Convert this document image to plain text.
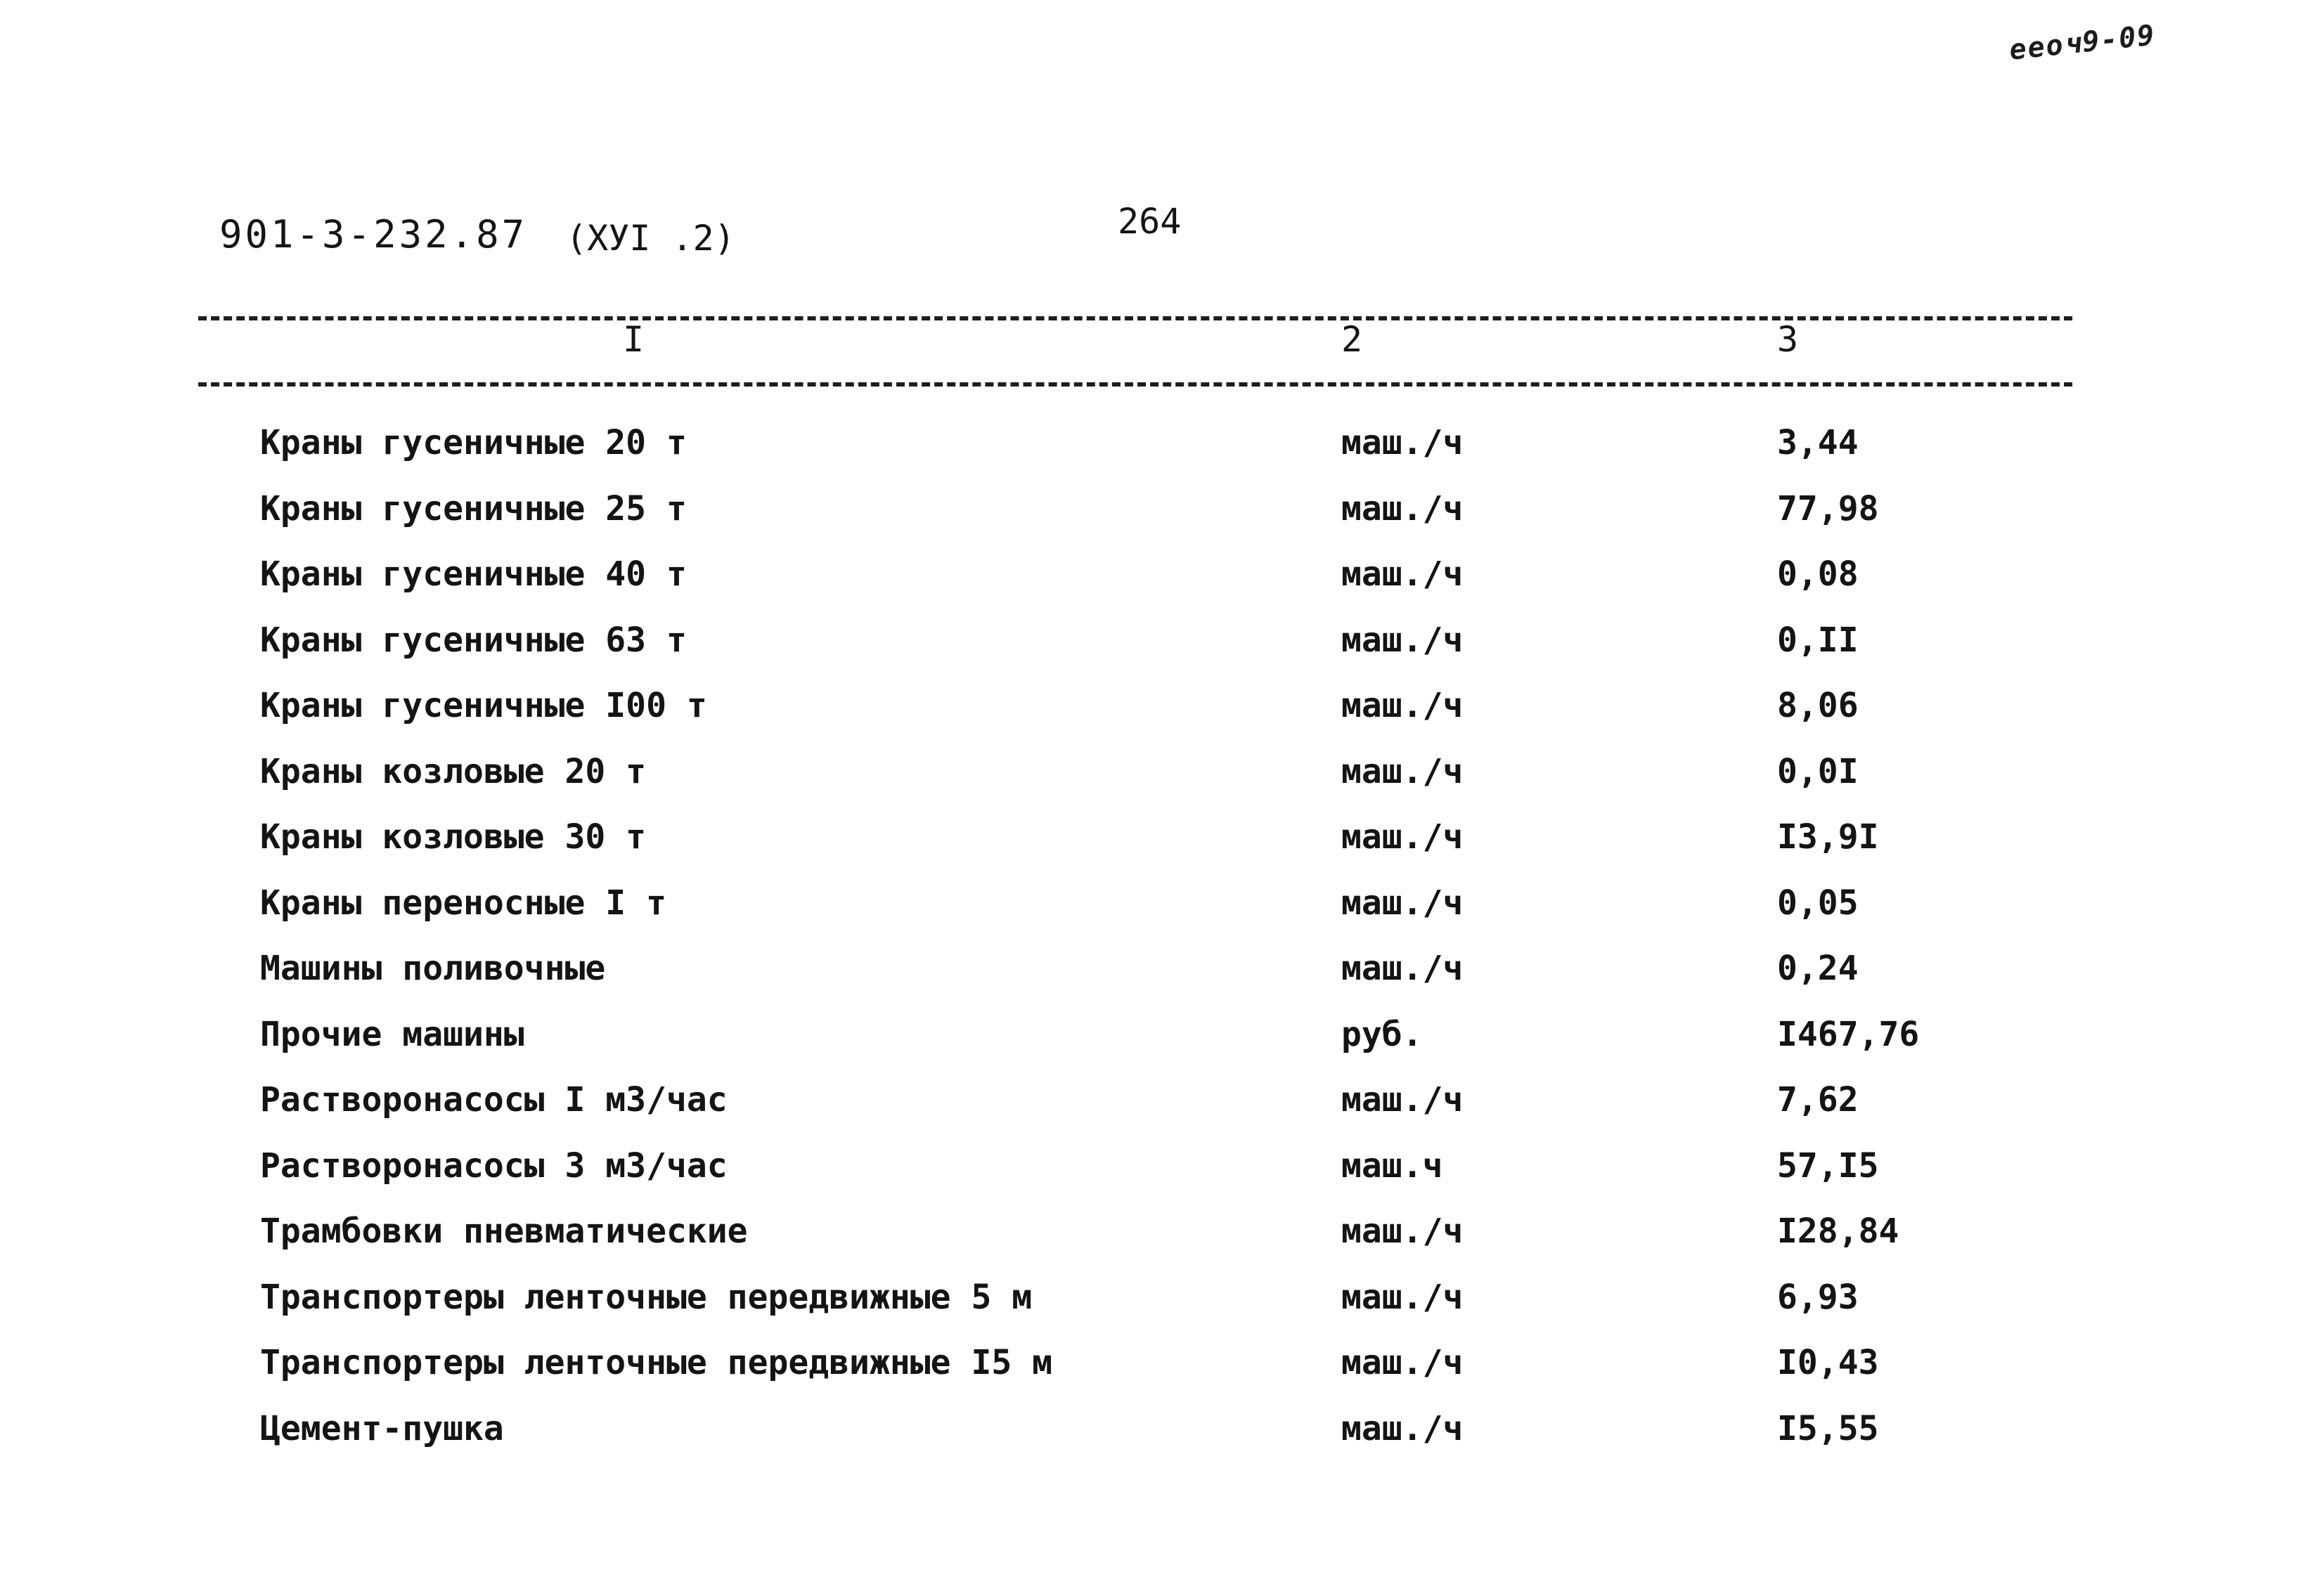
ееоч9-09
901-3-232.87 (ХУI .2)	264
I	2	3
Краны гусеничные 20 т	маш./ч	3,44
Краны гусеничные 25 т	маш./ч	77,98
Краны гусеничные 40 т	маш./ч	0,08
Краны гусеничные 63 т	маш./ч	0,II
Краны гусеничные I00 т	маш./ч	8,06
Краны козловые 20 т	маш./ч	0,0I
Краны козловые 30 т	маш./ч	I3,9I
Краны переносные I т	маш./ч	0,05
Машины поливочные	маш./ч	0,24
Прочие машины	руб.	I467,76
Растворонасосы I м3/час	маш./ч	7,62
Растворонасосы 3 м3/час	маш.ч	57,I5
Трамбовки пневматические	маш./ч	I28,84
Транспортеры ленточные передвижные 5 м	маш./ч	6,93
Транспортеры ленточные передвижные I5 м	маш./ч	I0,43
Цемент-пушка	маш./ч	I5,55
